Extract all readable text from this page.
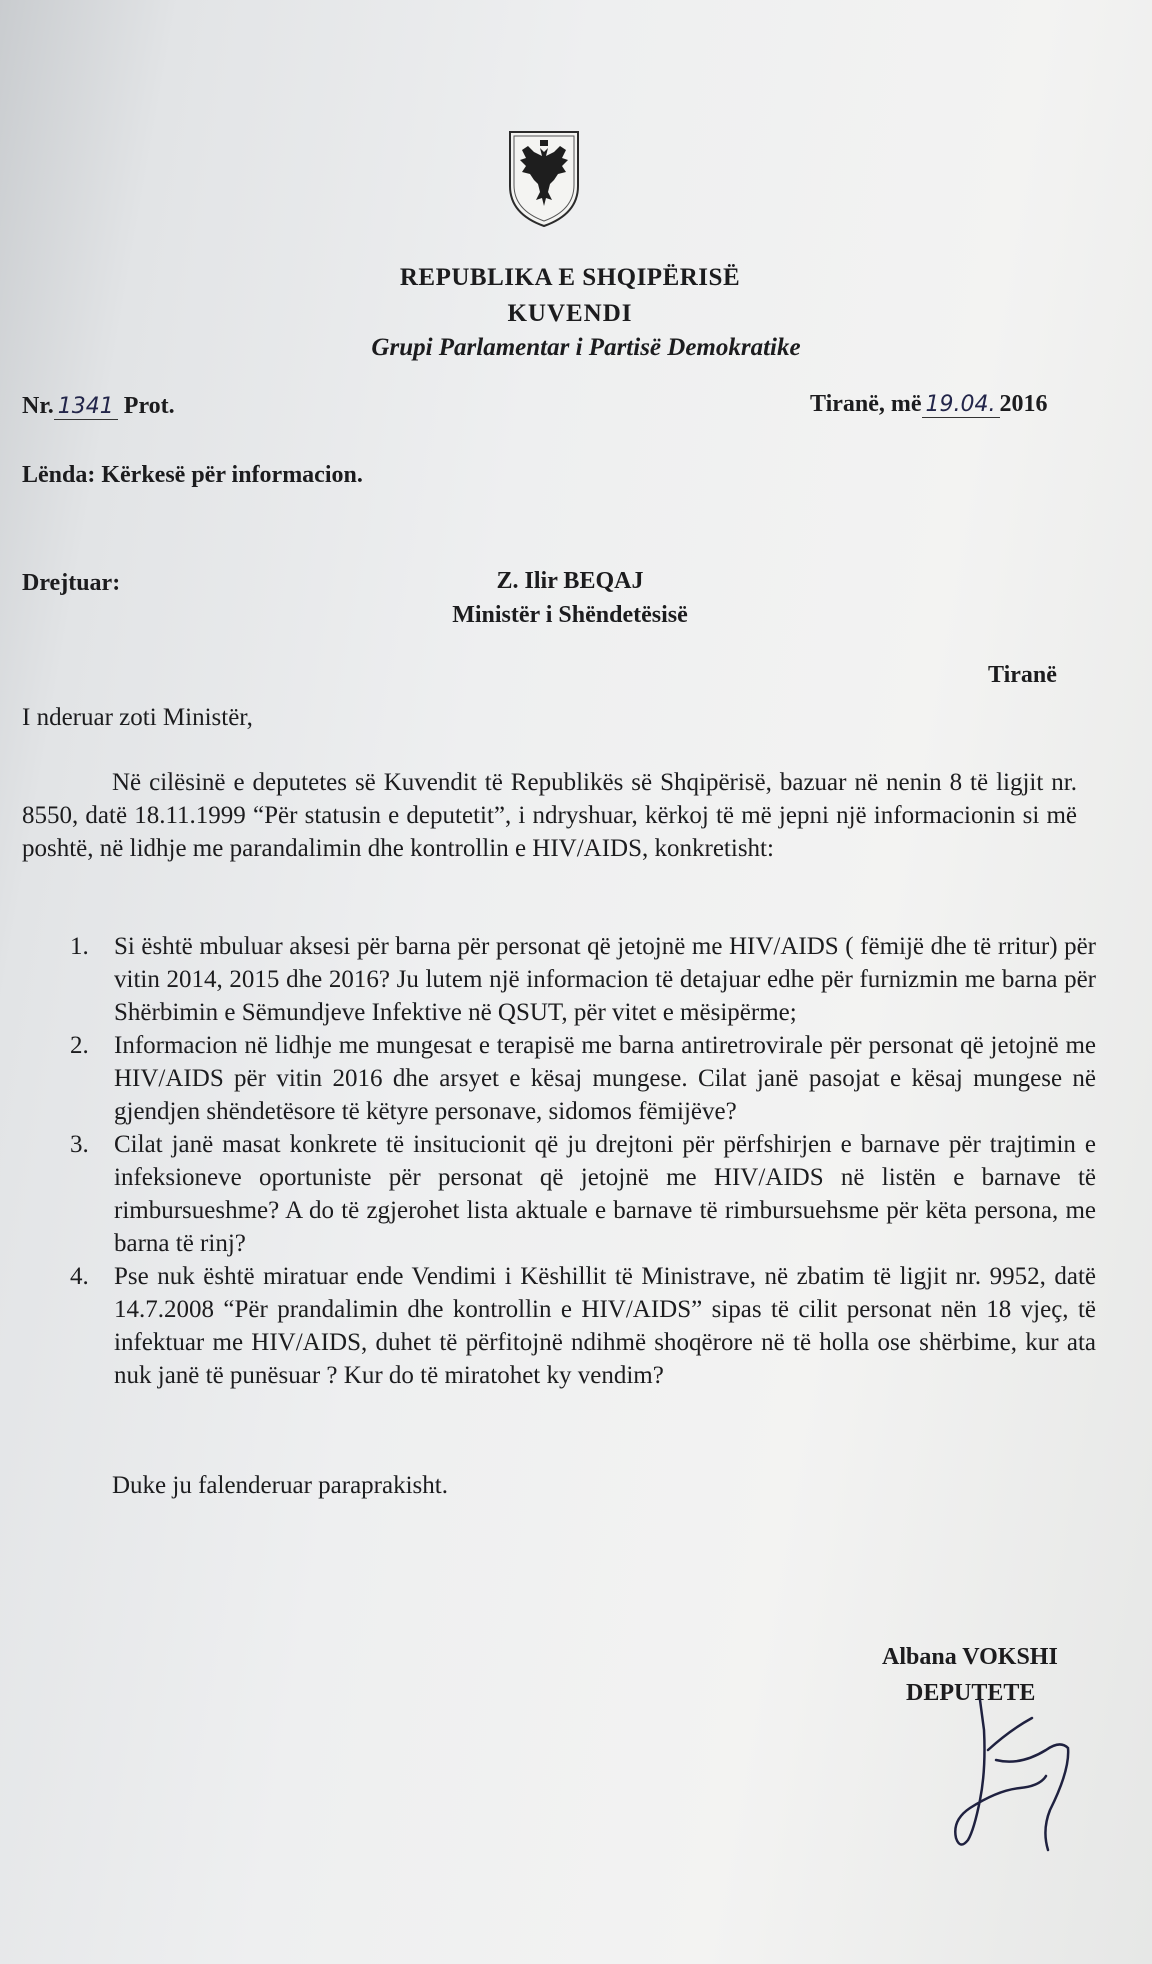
REPUBLIKA E SHQIPËRISË
KUVENDI
Grupi Parlamentar i Partisë Demokratike
Nr. 1341 Prot.	Tiranë, më 19.04. 2016
Lënda: Kërkesë për informacion.
Drejtuar:	Z. Ilir BEQAJ
Ministër i Shëndetësisë
Tiranë
I nderuar zoti Ministër,
Në cilësinë e deputetes së Kuvendit të Republikës së Shqipërisë, bazuar në nenin 8 të ligjit nr. 8550, datë 18.11.1999 “Për statusin e deputetit”, i ndryshuar, kërkoj të më jepni një informacionin si më poshtë, në lidhje me parandalimin dhe kontrollin e HIV/AIDS, konkretisht:
1. Si është mbuluar aksesi për barna për personat që jetojnë me HIV/AIDS ( fëmijë dhe të rritur) për vitin 2014, 2015 dhe 2016? Ju lutem një informacion të detajuar edhe për furnizmin me barna për Shërbimin e Sëmundjeve Infektive në QSUT, për vitet e mësipërme;
2. Informacion në lidhje me mungesat e terapisë me barna antiretrovirale për personat që jetojnë me HIV/AIDS për vitin 2016 dhe arsyet e kësaj mungese. Cilat janë pasojat e kësaj mungese në gjendjen shëndetësore të këtyre personave, sidomos fëmijëve?
3. Cilat janë masat konkrete të insitucionit që ju drejtoni për përfshirjen e barnave për trajtimin e infeksioneve oportuniste për personat që jetojnë me HIV/AIDS në listën e barnave të rimbursueshme? A do të zgjerohet lista aktuale e barnave të rimbursuehsme për këta persona, me barna të rinj?
4. Pse nuk është miratuar ende Vendimi i Këshillit të Ministrave, në zbatim të ligjit nr. 9952, datë 14.7.2008 “Për prandalimin dhe kontrollin e HIV/AIDS” sipas të cilit personat nën 18 vjeç, të infektuar me HIV/AIDS, duhet të përfitojnë ndihmë shoqërore në të holla ose shërbime, kur ata nuk janë të punësuar ? Kur do të miratohet ky vendim?
Duke ju falenderuar paraprakisht.
Albana VOKSHI
DEPUTETE
